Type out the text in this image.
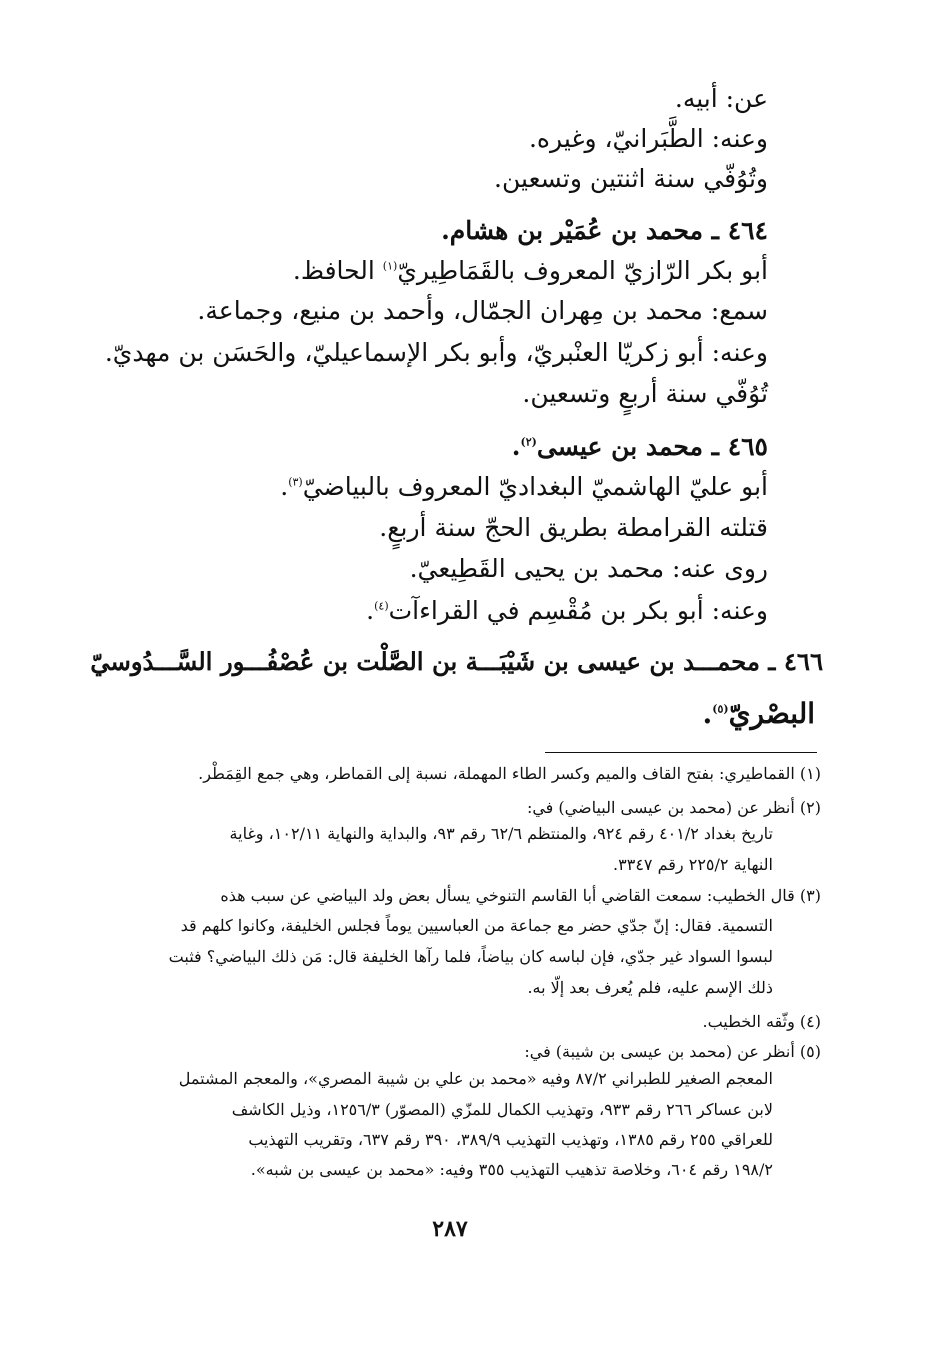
عن: أبيه.
وعنه: الطَّبَرانيّ، وغيره.
وتُوُفّي سنة اثنتين وتسعين.
٤٦٤ ـ محمد بن عُمَيْر بن هشام.
أبو بكر الرّازيّ المعروف بالقَمَاطِيريّ$^{(١)}$ الحافظ.
سمع: محمد بن مِهران الجمّال، وأحمد بن منيع، وجماعة.
وعنه: أبو زكريّا العنْبريّ، وأبو بكر الإسماعيليّ، والحَسَن بن مهديّ.
تُوُفّي سنة أربعٍ وتسعين.
٤٦٥ ـ محمد بن عيسى$^{(٢)}$.
أبو عليّ الهاشميّ البغداديّ المعروف بالبياضيّ$^{(٣)}$.
قتلته القرامطة بطريق الحجّ سنة أربعٍ.
روى عنه: محمد بن يحيى القَطِيعيّ.
وعنه: أبو بكر بن مُقْسِم في القراءآت$^{(٤)}$.
٤٦٦ ـ محمـــد بن عيسى بن شَيْبَـــة بن الصَّلْت بن عُصْفُـــور السَّـــدُوسيّ
البصْريّ$^{(٥)}$.
(١) القماطيري: بفتح القاف والميم وكسر الطاء المهملة، نسبة إلى القماطر، وهي جمع القِمَطْر.
(٢) أنظر عن (محمد بن عيسى البياضي) في:
تاريخ بغداد ٤٠١/٢ رقم ٩٢٤، والمنتظم ٦٢/٦ رقم ٩٣، والبداية والنهاية ١٠٢/١١، وغاية
النهاية ٢٢٥/٢ رقم ٣٣٤٧.
(٣) قال الخطيب: سمعت القاضي أبا القاسم التنوخي يسأل بعض ولد البياضي عن سبب هذه
التسمية. فقال: إنّ جدّي حضر مع جماعة من العباسيين يوماً فجلس الخليفة، وكانوا كلهم قد
لبسوا السواد غير جدّي، فإن لباسه كان بياضاً، فلما رآها الخليفة قال: مَن ذلك البياضي؟ فثبت
ذلك الإسم عليه، فلم يُعرف بعد إلّا به.
(٤) وثّقه الخطيب.
(٥) أنظر عن (محمد بن عيسى بن شيبة) في:
المعجم الصغير للطبراني ٨٧/٢ وفيه «محمد بن علي بن شيبة المصري»، والمعجم المشتمل
لابن عساكر ٢٦٦ رقم ٩٣٣، وتهذيب الكمال للمزّي (المصوّر) ١٢٥٦/٣، وذيل الكاشف
للعراقي ٢٥٥ رقم ١٣٨٥، وتهذيب التهذيب ٣٨٩/٩، ٣٩٠ رقم ٦٣٧، وتقريب التهذيب
١٩٨/٢ رقم ٦٠٤، وخلاصة تذهيب التهذيب ٣٥٥ وفيه: «محمد بن عيسى بن شبه».
٢٨٧
